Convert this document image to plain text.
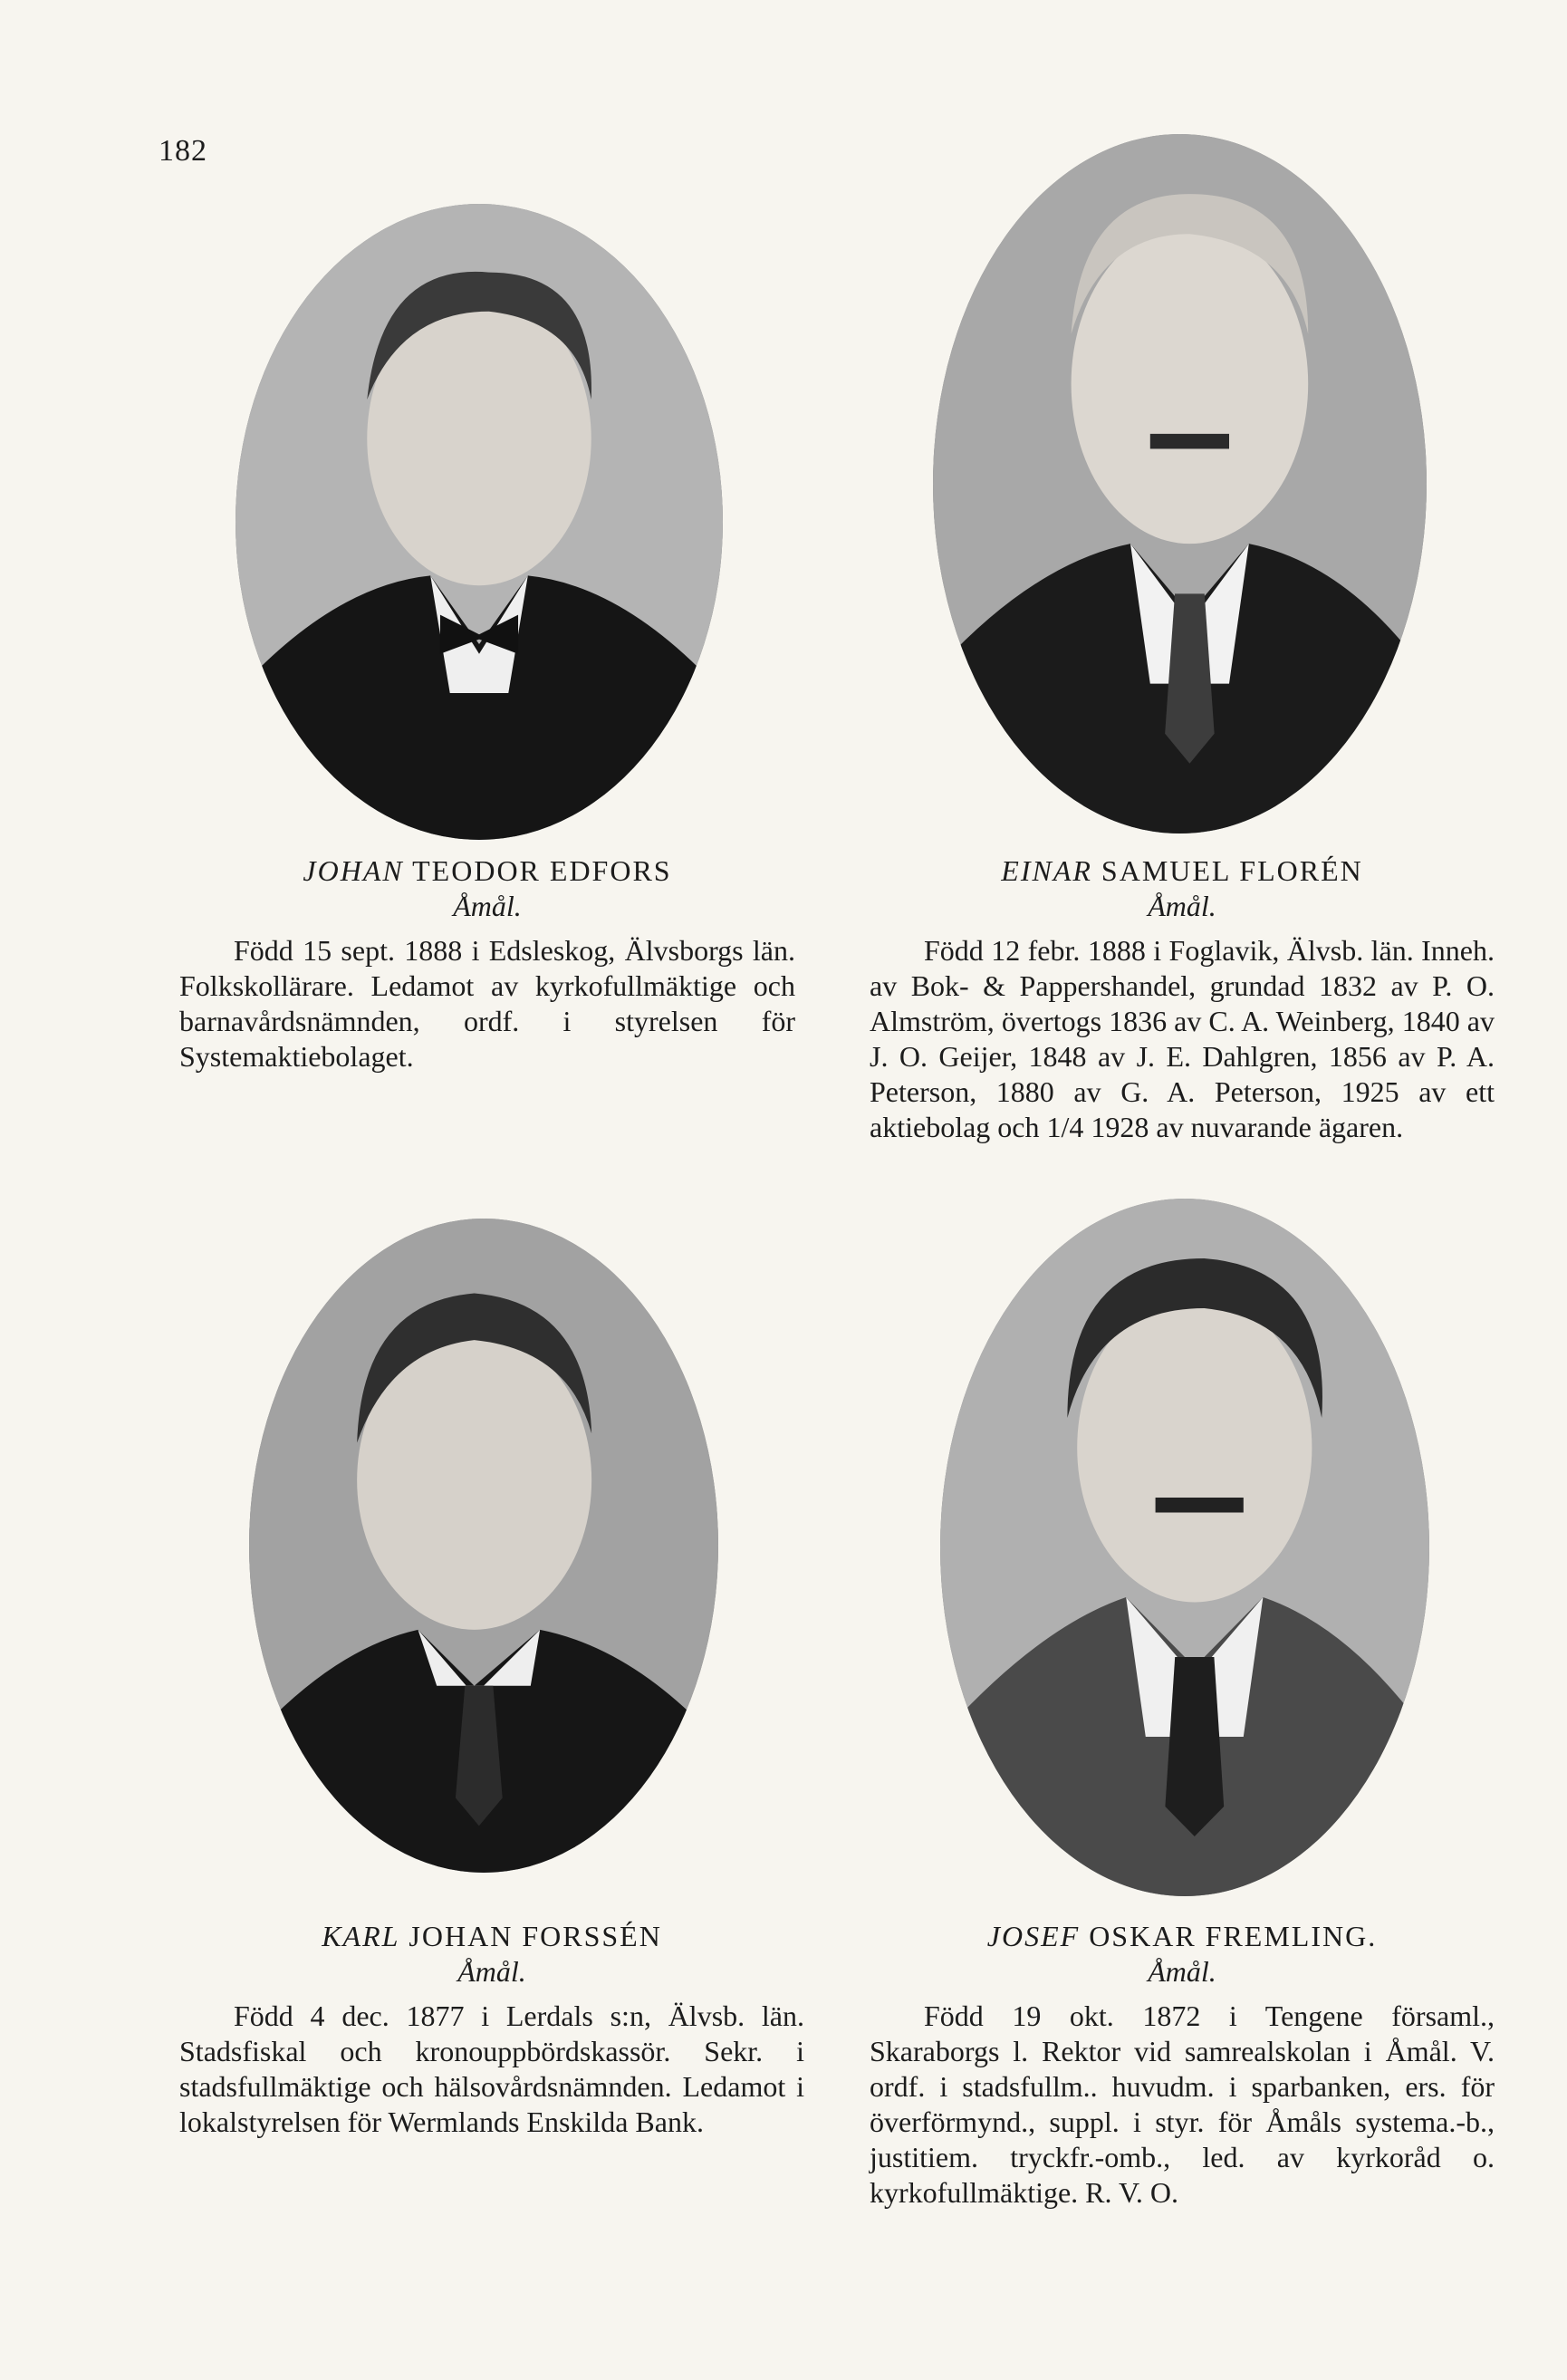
182

JOHAN TEODOR EDFORS

Åmål.

Född 15 sept. 1888 i Edsleskog, Älvsborgs län. Folkskollärare. Ledamot av kyrkofullmäktige och barnavårdsnämnden, ordf. i styrelsen för Systemaktiebolaget.

EINAR SAMUEL FLORÉN

Åmål.

Född 12 febr. 1888 i Foglavik, Älvsb. län. Inneh. av Bok- & Pappershandel, grundad 1832 av P. O. Almström, övertogs 1836 av C. A. Weinberg, 1840 av J. O. Geijer, 1848 av J. E. Dahlgren, 1856 av P. A. Peterson, 1880 av G. A. Peterson, 1925 av ett aktiebolag och 1/4 1928 av nuvarande ägaren.

KARL JOHAN FORSSÉN

Åmål.

Född 4 dec. 1877 i Lerdals s:n, Älvsb. län. Stadsfiskal och kronouppbördskassör. Sekr. i stadsfullmäktige och hälsovårdsnämnden. Ledamot i lokalstyrelsen för Wermlands Enskilda Bank.

JOSEF OSKAR FREMLING.

Åmål.

Född 19 okt. 1872 i Tengene församl., Skaraborgs l. Rektor vid samrealskolan i Åmål. V. ordf. i stadsfullm.. huvudm. i sparbanken, ers. för överförmynd., suppl. i styr. för Åmåls systema.-b., justitiem. tryckfr.-omb., led. av kyrkoråd o. kyrkofullmäktige. R. V. O.
